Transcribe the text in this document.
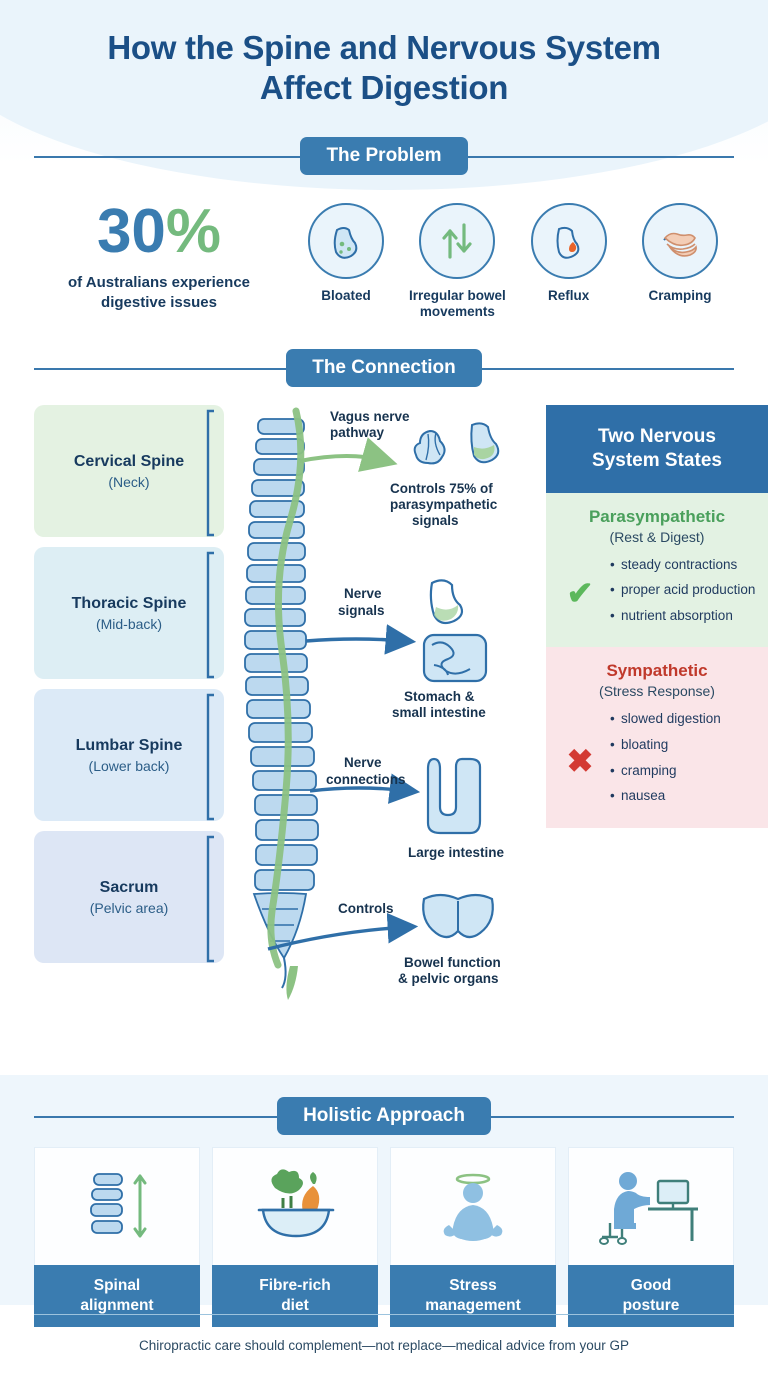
How the Spine and Nervous System Affect Digestion
The Problem
30%
of Australians experience digestive issues	Bloated	Irregular bowel movements
Reflux	Cramping
The Connection
Cervical Spine
(Neck)
Thoracic Spine
(Mid-back)
Lumbar Spine
(Lower back)
Sacrum
(Pelvic area)
Vagus nerve
pathway
Controls 75% of
parasympathetic
signals
Nerve
signals
Stomach &
small intestine
Nerve
connections
Large intestine
Controls
Bowel function
& pelvic organs
Two Nervous
System States
Parasympathetic
(Rest & Digest)
✔
• steady contractions
• proper acid production
• nutrient absorption
Sympathetic
(Stress Response)
✖
• slowed digestion
• bloating
• cramping
• nausea
Holistic Approach
Spinal
alignment
Fibre-rich
diet
Stress
management
Good
posture
Chiropractic care should complement—not replace—medical advice from your GP
